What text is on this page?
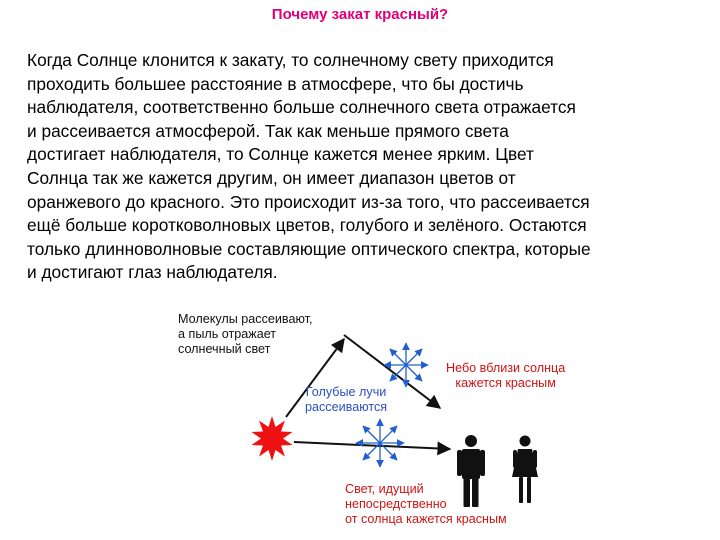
Почему закат красный?
Когда Солнце клонится к закату, то солнечному свету приходится
проходить большее расстояние в атмосфере, что бы достичь
наблюдателя, соответственно больше солнечного света отражается
и рассеивается атмосферой. Так как меньше прямого света
достигает наблюдателя, то Солнце кажется менее ярким. Цвет
Солнца так же кажется другим, он имеет диапазон цветов от
оранжевого до красного. Это происходит из-за того, что рассеивается
ещё больше коротковолновых цветов, голубого и зелёного. Остаются
только длинноволновые составляющие оптического спектра, которые
и достигают глаз наблюдателя.
Молекулы рассеивают,
а пыль отражает
солнечный свет
Голубые лучи
рассеиваются
Небо вблизи солнца
кажется красным
Свет, идущий
непосредственно
от солнца кажется красным
